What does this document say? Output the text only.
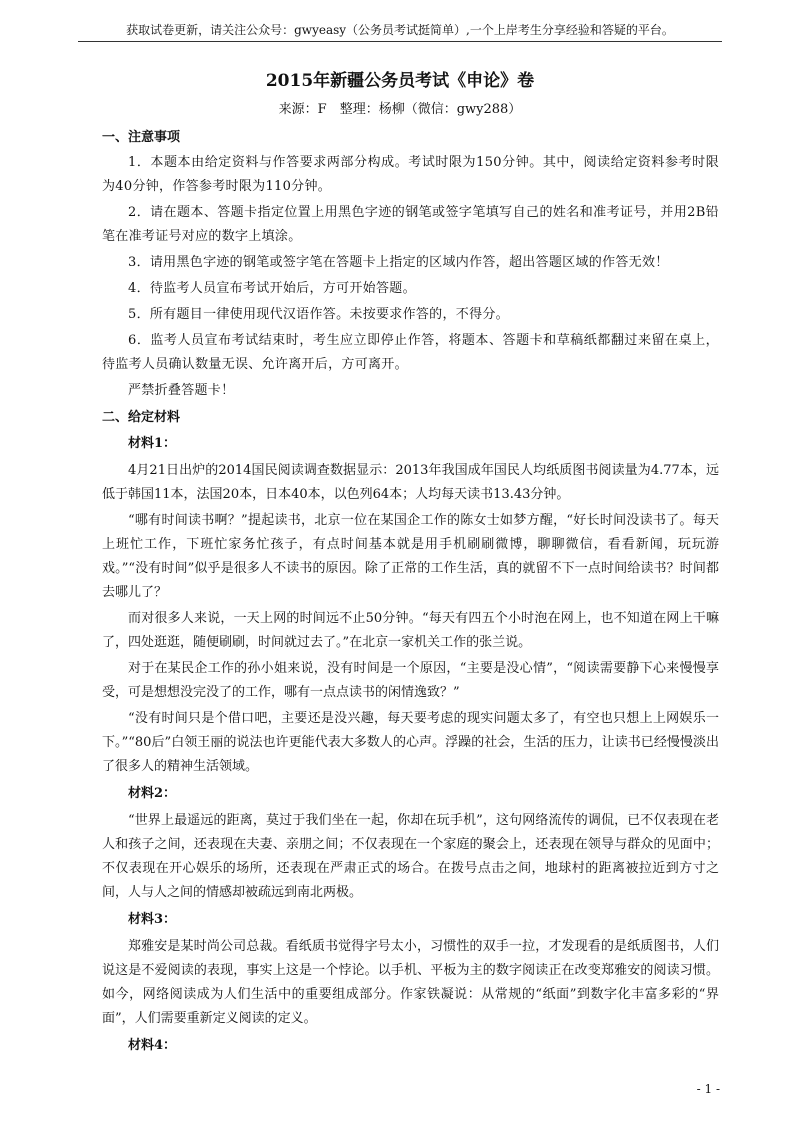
获取试卷更新，请关注公众号：gwyeasy（公务员考试挺简单）,一个上岸考生分享经验和答疑的平台。
2015年新疆公务员考试《申论》卷
来源：F　整理：杨柳（微信：gwy288）
一、注意事项

1．本题本由给定资料与作答要求两部分构成。考试时限为150分钟。其中，阅读给定资料参考时限为40分钟，作答参考时限为110分钟。

2．请在题本、答题卡指定位置上用黑色字迹的钢笔或签字笔填写自己的姓名和准考证号，并用2B铅笔在准考证号对应的数字上填涂。

3．请用黑色字迹的钢笔或签字笔在答题卡上指定的区域内作答，超出答题区域的作答无效！

4．待监考人员宣布考试开始后，方可开始答题。

5．所有题目一律使用现代汉语作答。未按要求作答的，不得分。

6．监考人员宣布考试结束时，考生应立即停止作答，将题本、答题卡和草稿纸都翻过来留在桌上，待监考人员确认数量无误、允许离开后，方可离开。

严禁折叠答题卡！

二、给定材料
材料1：

4月21日出炉的2014国民阅读调查数据显示：2013年我国成年国民人均纸质图书阅读量为4.77本，远低于韩国11本，法国20本，日本40本，以色列64本；人均每天读书13.43分钟。

“哪有时间读书啊？”提起读书，北京一位在某国企工作的陈女士如梦方醒，“好长时间没读书了。每天上班忙工作，下班忙家务忙孩子，有点时间基本就是用手机刷刷微博，聊聊微信，看看新闻，玩玩游戏。”“没有时间”似乎是很多人不读书的原因。除了正常的工作生活，真的就留不下一点时间给读书？时间都去哪儿了？

而对很多人来说，一天上网的时间远不止50分钟。“每天有四五个小时泡在网上，也不知道在网上干嘛了，四处逛逛，随便刷刷，时间就过去了。”在北京一家机关工作的张兰说。

对于在某民企工作的孙小姐来说，没有时间是一个原因，“主要是没心情”，“阅读需要静下心来慢慢享受，可是想想没完没了的工作，哪有一点点读书的闲情逸致？”

“没有时间只是个借口吧，主要还是没兴趣，每天要考虑的现实问题太多了，有空也只想上上网娱乐一下。”“80后”白领王丽的说法也许更能代表大多数人的心声。浮躁的社会，生活的压力，让读书已经慢慢淡出了很多人的精神生活领域。

材料2：

“世界上最遥远的距离，莫过于我们坐在一起，你却在玩手机”，这句网络流传的调侃，已不仅表现在老人和孩子之间，还表现在夫妻、亲朋之间；不仅表现在一个家庭的聚会上，还表现在领导与群众的见面中；不仅表现在开心娱乐的场所，还表现在严肃正式的场合。在拨号点击之间，地球村的距离被拉近到方寸之间，人与人之间的情感却被疏远到南北两极。

材料3：

郑雅安是某时尚公司总裁。看纸质书觉得字号太小，习惯性的双手一拉，才发现看的是纸质图书，人们说这是不爱阅读的表现，事实上这是一个悖论。以手机、平板为主的数字阅读正在改变郑雅安的阅读习惯。如今，网络阅读成为人们生活中的重要组成部分。作家铁凝说：从常规的“纸面”到数字化丰富多彩的“界面”，人们需要重新定义阅读的定义。

材料4：
- 1 -
